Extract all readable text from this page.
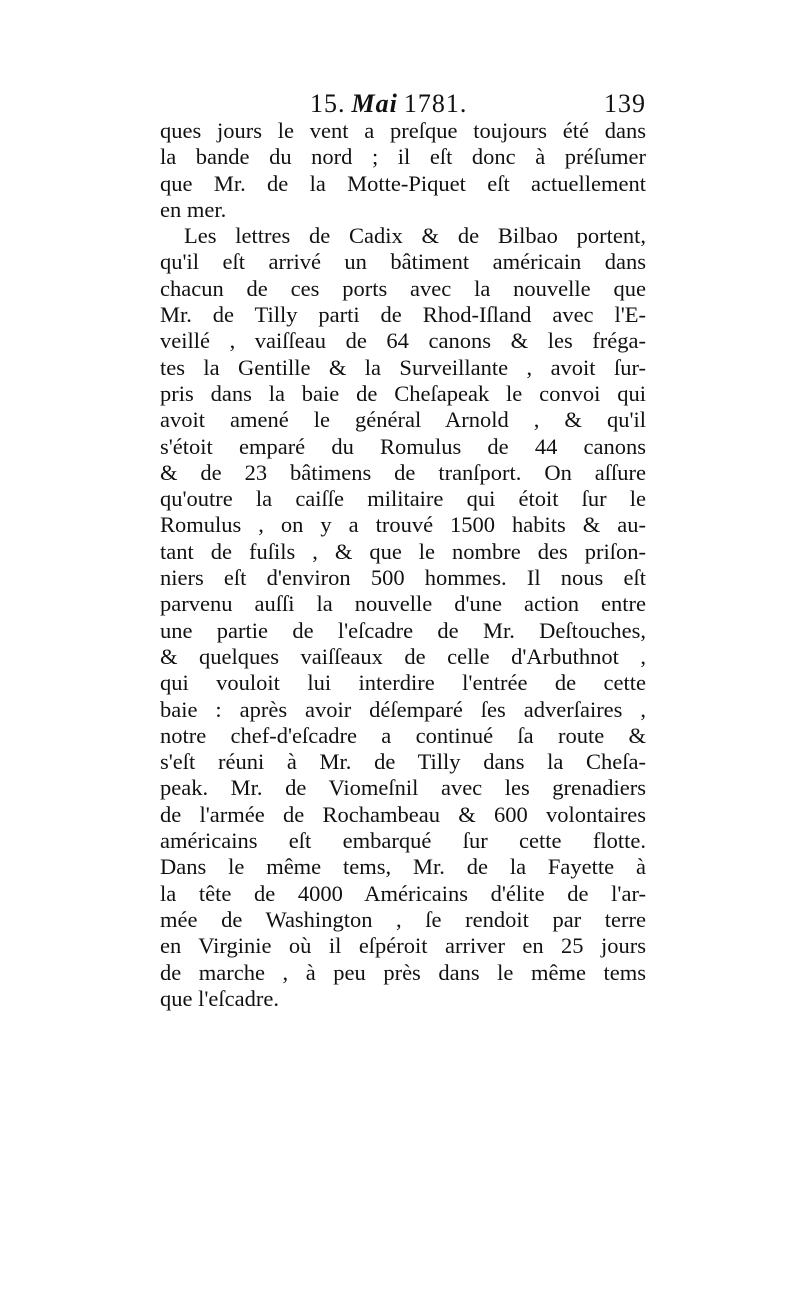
15. Mai 1781.	139
ques jours le vent a preſque toujours été dans
la bande du nord ; il eſt donc à préſumer
que Mr. de la Motte-Piquet eſt actuellement
en mer.
Les lettres de Cadix & de Bilbao portent,
qu'il eſt arrivé un bâtiment américain dans
chacun de ces ports avec la nouvelle que
Mr. de Tilly parti de Rhod-Iſland avec l'E-
veillé , vaiſſeau de 64 canons & les fréga-
tes la Gentille & la Surveillante , avoit ſur-
pris dans la baie de Cheſapeak le convoi qui
avoit amené le général Arnold , & qu'il
s'étoit emparé du Romulus de 44 canons
& de 23 bâtimens de tranſport. On aſſure
qu'outre la caiſſe militaire qui étoit ſur le
Romulus , on y a trouvé 1500 habits & au-
tant de fuſils , & que le nombre des priſon-
niers eſt d'environ 500 hommes. Il nous eſt
parvenu auſſi la nouvelle d'une action entre
une partie de l'eſcadre de Mr. Deſtouches,
& quelques vaiſſeaux de celle d'Arbuthnot ,
qui vouloit lui interdire l'entrée de cette
baie : après avoir déſemparé ſes adverſaires ,
notre chef-d'eſcadre a continué ſa route &
s'eſt réuni à Mr. de Tilly dans la Cheſa-
peak. Mr. de Viomeſnil avec les grenadiers
de l'armée de Rochambeau & 600 volontaires
américains eſt embarqué ſur cette flotte.
Dans le même tems, Mr. de la Fayette à
la tête de 4000 Américains d'élite de l'ar-
mée de Washington , ſe rendoit par terre
en Virginie où il eſpéroit arriver en 25 jours
de marche , à peu près dans le même tems
que l'eſcadre.
